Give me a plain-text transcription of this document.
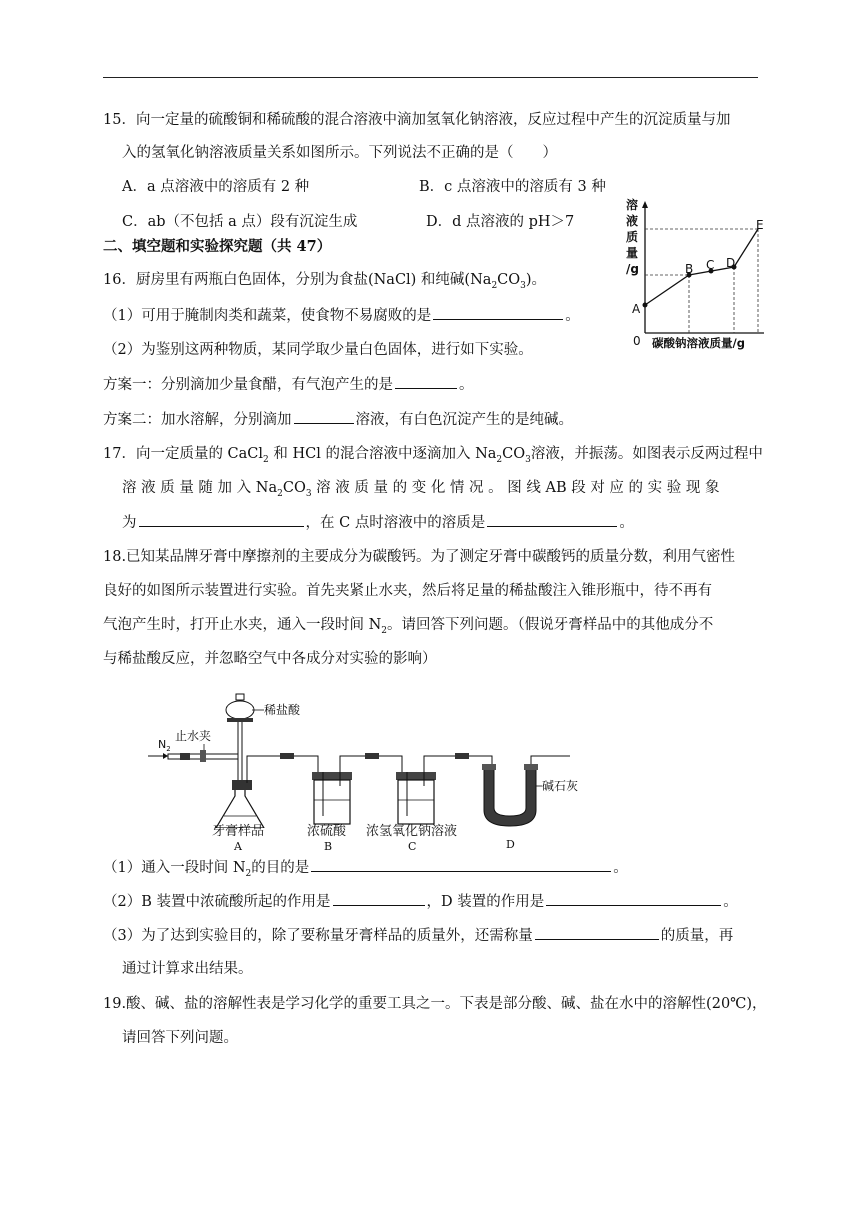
15．向一定量的硫酸铜和稀硫酸的混合溶液中滴加氢氧化钠溶液，反应过程中产生的沉淀质量与加
入的氢氧化钠溶液质量关系如图所示。下列说法不正确的是（　　）
A．a 点溶液中的溶质有 2 种	B．c 点溶液中的溶质有 3 种
C．ab（不包括 a 点）段有沉淀生成	D．d 点溶液的 pH＞7
溶
液
质
量
/g
A
B C D
E
0 碳酸钠溶液质量/g
二、填空题和实验探究题（共 47）
16．厨房里有两瓶白色固体，分别为食盐(NaCl) 和纯碱$(Na_2CO_3)$。
（1）可用于腌制肉类和蔬菜，使食物不易腐败的是	。
（2）为鉴别这两种物质，某同学取少量白色固体，进行如下实验。
方案一：分别滴加少量食醋，有气泡产生的是	。
方案二：加水溶解，分别滴加	溶液，有白色沉淀产生的是纯碱。
17．向一定质量的 CaCl$_2$ 和 HCl 的混合溶液中逐滴加入 $Na_2CO_3$溶液，并振荡。如图表示反两过程中
溶 液 质 量 随 加 入 $Na_2CO_3$ 溶 液 质 量 的 变 化 情 况 。 图 线 AB 段 对 应 的 实 验 现 象
为	，在 C 点时溶液中的溶质是	。
18.已知某品牌牙膏中摩擦剂的主要成分为碳酸钙。为了测定牙膏中碳酸钙的质量分数，利用气密性
良好的如图所示装置进行实验。首先夹紧止水夹，然后将足量的稀盐酸注入锥形瓶中，待不再有
气泡产生时，打开止水夹，通入一段时间 $N_2$。请回答下列问题。（假说牙膏样品中的其他成分不
与稀盐酸反应，并忽略空气中各成分对实验的影响）
$N_2$
止水夹
稀盐酸
碱石灰
牙膏样品
A
浓硫酸
B
浓氢氧化钠溶液
C	D
（1）通入一段时间 $N_2$的目的是	。
（2）B 装置中浓硫酸所起的作用是	，D 装置的作用是	。
（3）为了达到实验目的，除了要称量牙膏样品的质量外，还需称量	的质量，再
通过计算求出结果。
19.酸、碱、盐的溶解性表是学习化学的重要工具之一。下表是部分酸、碱、盐在水中的溶解性(20℃)，
请回答下列问题。
